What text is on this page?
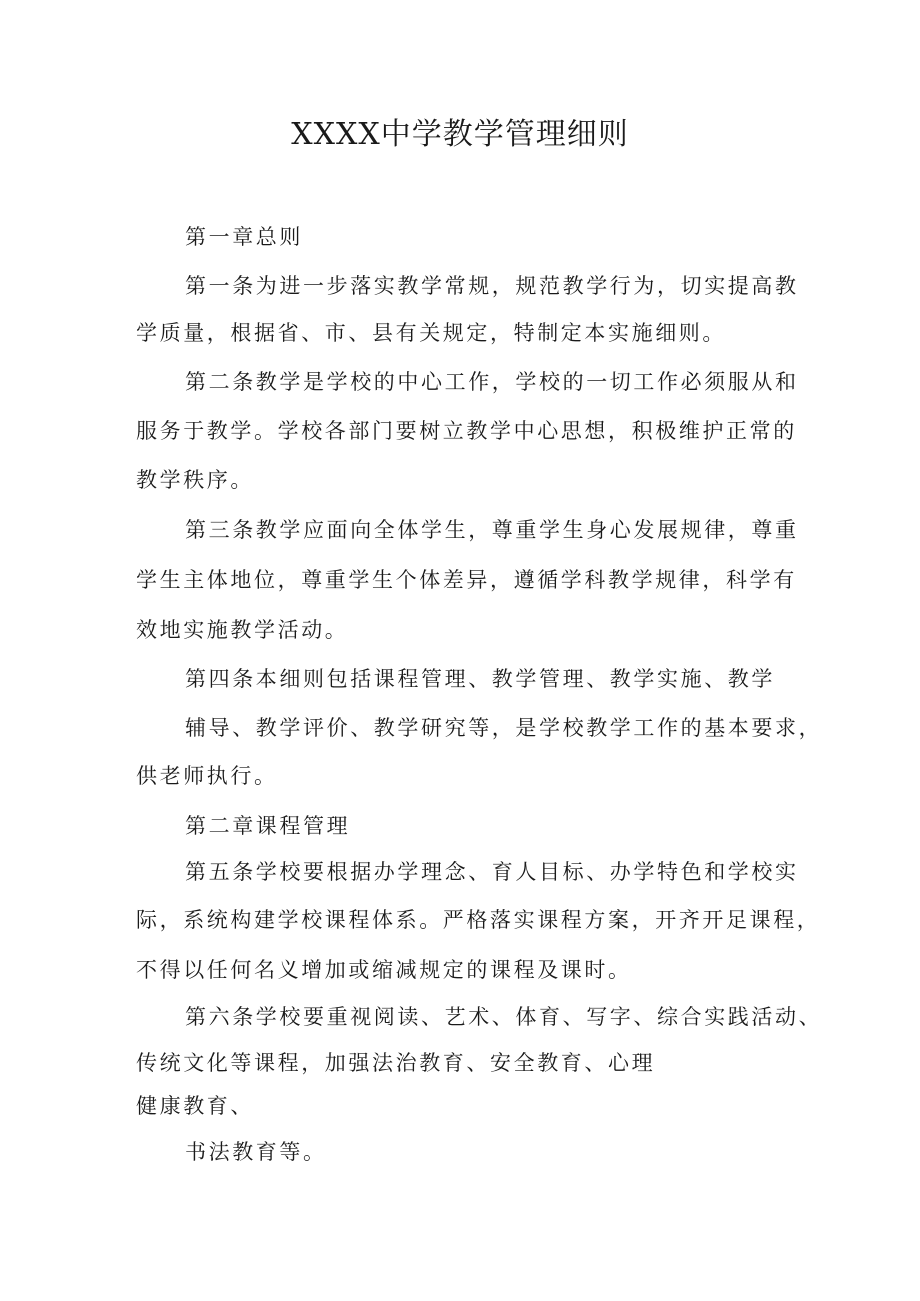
XXXX中学教学管理细则
第一章总则
第一条为进一步落实教学常规，规范教学行为，切实提高教
学质量，根据省、市、县有关规定，特制定本实施细则。
第二条教学是学校的中心工作，学校的一切工作必须服从和
服务于教学。学校各部门要树立教学中心思想，积极维护正常的
教学秩序。
第三条教学应面向全体学生，尊重学生身心发展规律，尊重
学生主体地位，尊重学生个体差异，遵循学科教学规律，科学有
效地实施教学活动。
第四条本细则包括课程管理、教学管理、教学实施、教学
辅导、教学评价、教学研究等，是学校教学工作的基本要求，
供老师执行。
第二章课程管理
第五条学校要根据办学理念、育人目标、办学特色和学校实
际，系统构建学校课程体系。严格落实课程方案，开齐开足课程，
不得以任何名义增加或缩减规定的课程及课时。
第六条学校要重视阅读、艺术、体育、写字、综合实践活动、
传统文化等课程，加强法治教育、安全教育、心理
健康教育、
书法教育等。
